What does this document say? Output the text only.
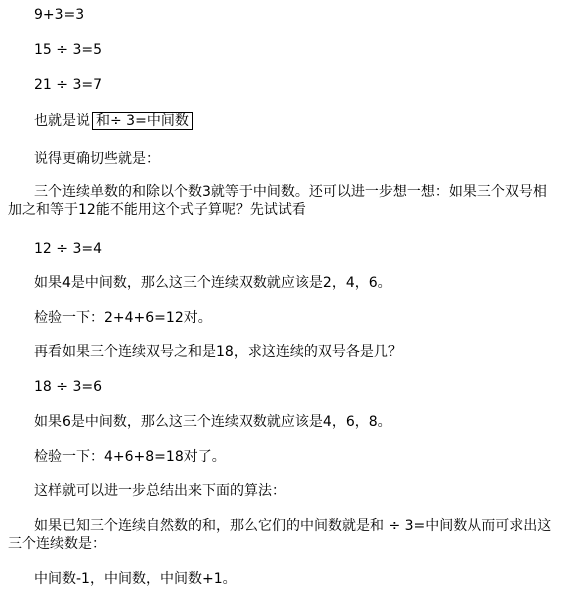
9+3=3
15 ÷ 3=5
21 ÷ 3=7
也就是说 和÷ 3=中间数
说得更确切些就是：
三个连续单数的和除以个数3就等于中间数。还可以进一步想一想：如果三个双号相加之和等于12能不能用这个式子算呢？先试试看
12 ÷ 3=4
如果4是中间数，那么这三个连续双数就应该是2，4，6。
检验一下：2+4+6=12对。
再看如果三个连续双号之和是18，求这连续的双号各是几？
18 ÷ 3=6
如果6是中间数，那么这三个连续双数就应该是4，6，8。
检验一下：4+6+8=18对了。
这样就可以进一步总结出来下面的算法：
如果已知三个连续自然数的和，那么它们的中间数就是和 ÷ 3=中间数从而可求出这三个连续数是：
中间数-1，中间数，中间数+1。
